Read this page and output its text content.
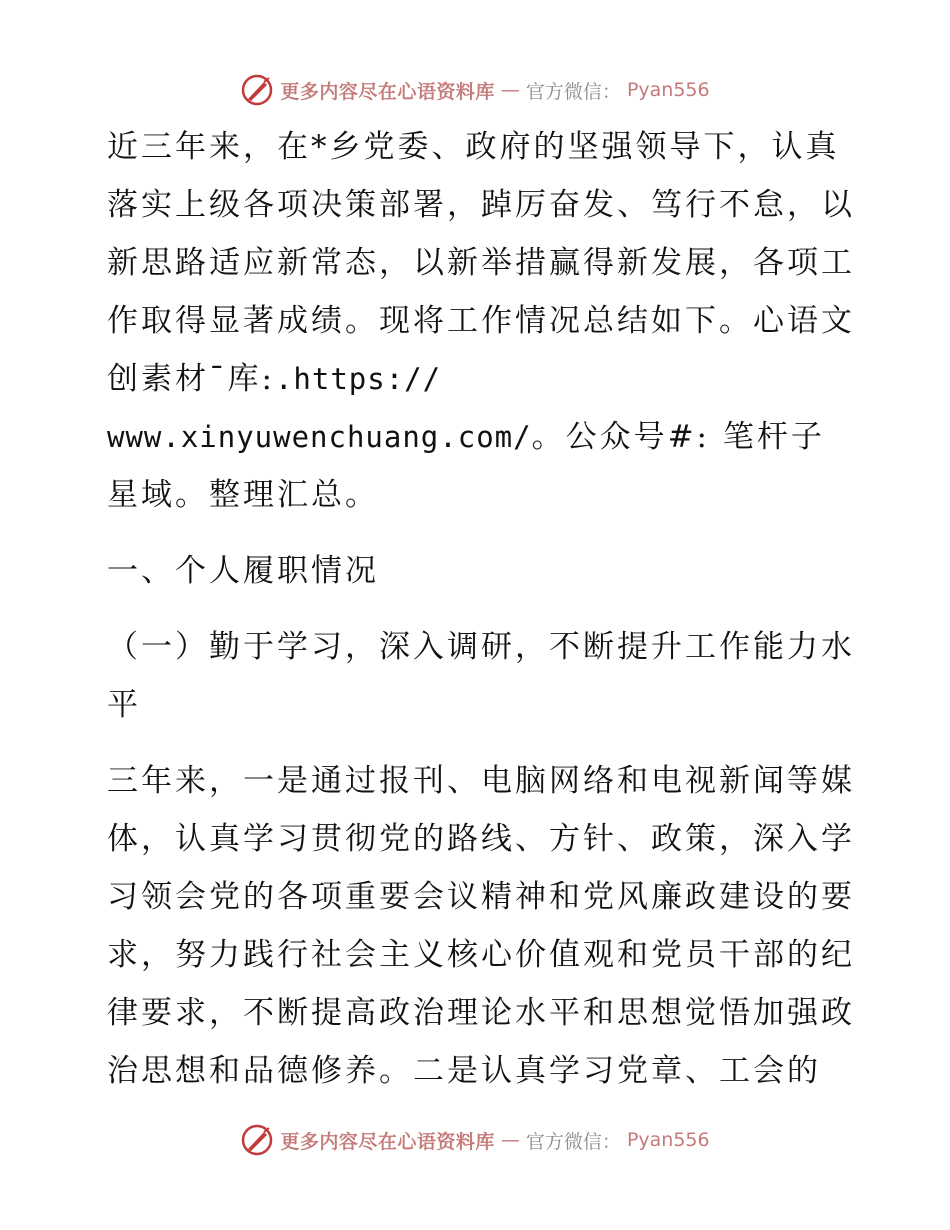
更多内容尽在心语资料库 — 官方微信： Pyan556

近三年来，在*乡党委、政府的坚强领导下，认真落实上级各项决策部署，踔厉奋发、笃行不怠，以新思路适应新常态，以新举措赢得新发展，各项工作取得显著成绩。现将工作情况总结如下。心语文创素材¯库:.https://
www.xinyuwenchuang.com/。公众号#: 笔杆子星域。整理汇总。

一、个人履职情况

（一）勤于学习，深入调研，不断提升工作能力水平

三年来，一是通过报刊、电脑网络和电视新闻等媒体，认真学习贯彻党的路线、方针、政策，深入学习领会党的各项重要会议精神和党风廉政建设的要求，努力践行社会主义核心价值观和党员干部的纪律要求，不断提高政治理论水平和思想觉悟加强政治思想和品德修养。二是认真学习党章、工会的

更多内容尽在心语资料库 — 官方微信： Pyan556
